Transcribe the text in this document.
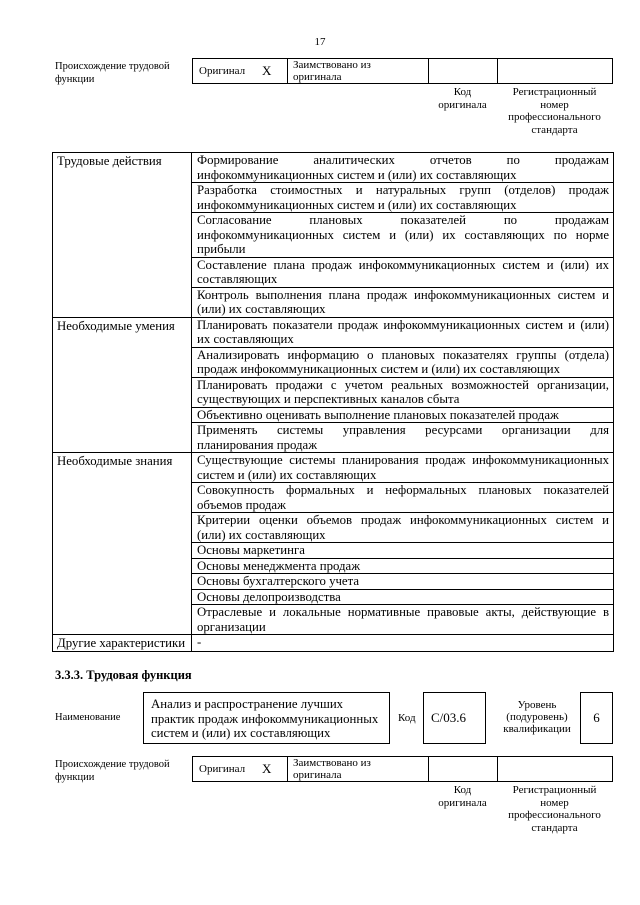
17
Происхождение трудовой функции
Оригинал X Заимствовано из оригинала
Код оригинала
Регистрационный номер профессионального стандарта
Трудовые действия	Формирование аналитических отчетов по продажам
инфокоммуникационных систем и (или) их составляющих

	Разработка стоимостных и натуральных групп (отделов) продаж
инфокоммуникационных систем и (или) их составляющих

	Согласование плановых показателей по продажам
инфокоммуникационных систем и (или) их составляющих по норме
прибыли

	Составление плана продаж инфокоммуникационных систем и (или) их
составляющих

	Контроль выполнения плана продаж инфокоммуникационных систем и
(или) их составляющих

Необходимые умения	Планировать показатели продаж инфокоммуникационных систем и (или)
их составляющих

	Анализировать информацию о плановых показателях группы (отдела)
продаж инфокоммуникационных систем и (или) их составляющих

	Планировать продажи с учетом реальных возможностей организации,
существующих и перспективных каналов сбыта

	Объективно оценивать выполнение плановых показателей продаж

	Применять системы управления ресурсами организации для
планирования продаж

Необходимые знания	Существующие системы планирования продаж инфокоммуникационных
систем и (или) их составляющих

	Совокупность формальных и неформальных плановых показателей
объемов продаж

	Критерии оценки объемов продаж инфокоммуникационных систем и
(или) их составляющих

	Основы маркетинга

	Основы менеджмента продаж

	Основы бухгалтерского учета

	Основы делопроизводства

	Отраслевые и локальные нормативные правовые акты, действующие в
организации

Другие характеристики	-
3.3.3. Трудовая функция
Наименование
Анализ и распространение лучших
практик продаж инфокоммуникационных
систем и (или) их составляющих
Код C/03.6
Уровень (подуровень) квалификации
6
Происхождение трудовой функции
Оригинал X Заимствовано из оригинала
Код оригинала
Регистрационный номер профессионального стандарта
